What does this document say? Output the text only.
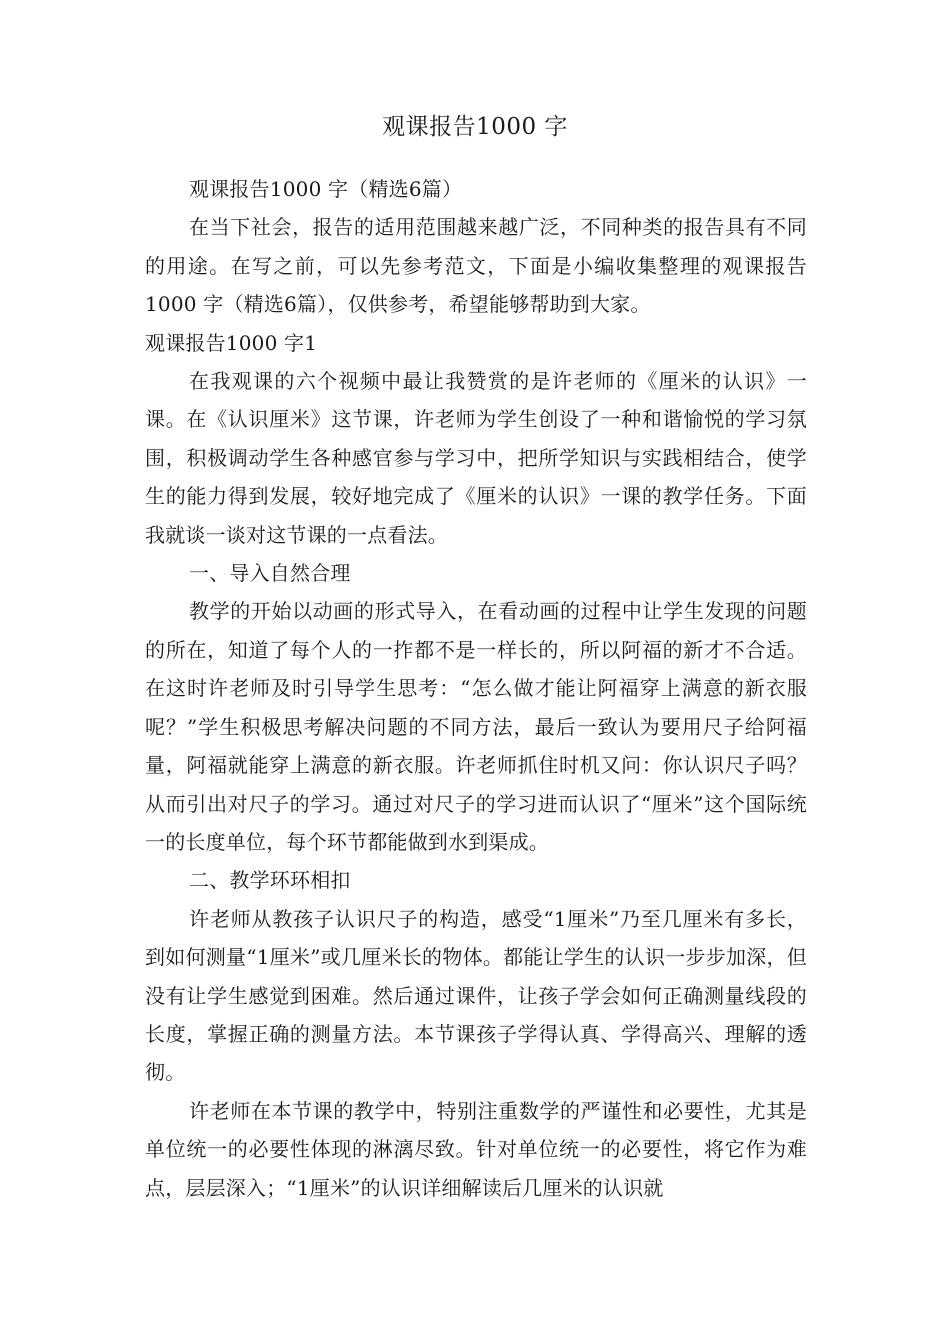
观课报告1000 字

观课报告1000 字（精选6篇）

在当下社会，报告的适用范围越来越广泛，不同种类的报告具有不同的用途。在写之前，可以先参考范文，下面是小编收集整理的观课报告1000 字（精选6篇），仅供参考，希望能够帮助到大家。

观课报告1000 字1

在我观课的六个视频中最让我赞赏的是许老师的《厘米的认识》一课。在《认识厘米》这节课，许老师为学生创设了一种和谐愉悦的学习氛围，积极调动学生各种感官参与学习中，把所学知识与实践相结合，使学生的能力得到发展，较好地完成了《厘米的认识》一课的教学任务。下面我就谈一谈对这节课的一点看法。

一、导入自然合理

教学的开始以动画的形式导入，在看动画的过程中让学生发现的问题的所在，知道了每个人的一拃都不是一样长的，所以阿福的新才不合适。在这时许老师及时引导学生思考：“怎么做才能让阿福穿上满意的新衣服呢？”学生积极思考解决问题的不同方法，最后一致认为要用尺子给阿福量，阿福就能穿上满意的新衣服。许老师抓住时机又问：你认识尺子吗？从而引出对尺子的学习。通过对尺子的学习进而认识了“厘米”这个国际统一的长度单位，每个环节都能做到水到渠成。

二、教学环环相扣

许老师从教孩子认识尺子的构造，感受“1厘米”乃至几厘米有多长，到如何测量“1厘米”或几厘米长的物体。都能让学生的认识一步步加深，但没有让学生感觉到困难。然后通过课件，让孩子学会如何正确测量线段的长度，掌握正确的测量方法。本节课孩子学得认真、学得高兴、理解的透彻。

许老师在本节课的教学中，特别注重数学的严谨性和必要性，尤其是单位统一的必要性体现的淋漓尽致。针对单位统一的必要性，将它作为难点，层层深入；“1厘米”的认识详细解读后几厘米的认识就
